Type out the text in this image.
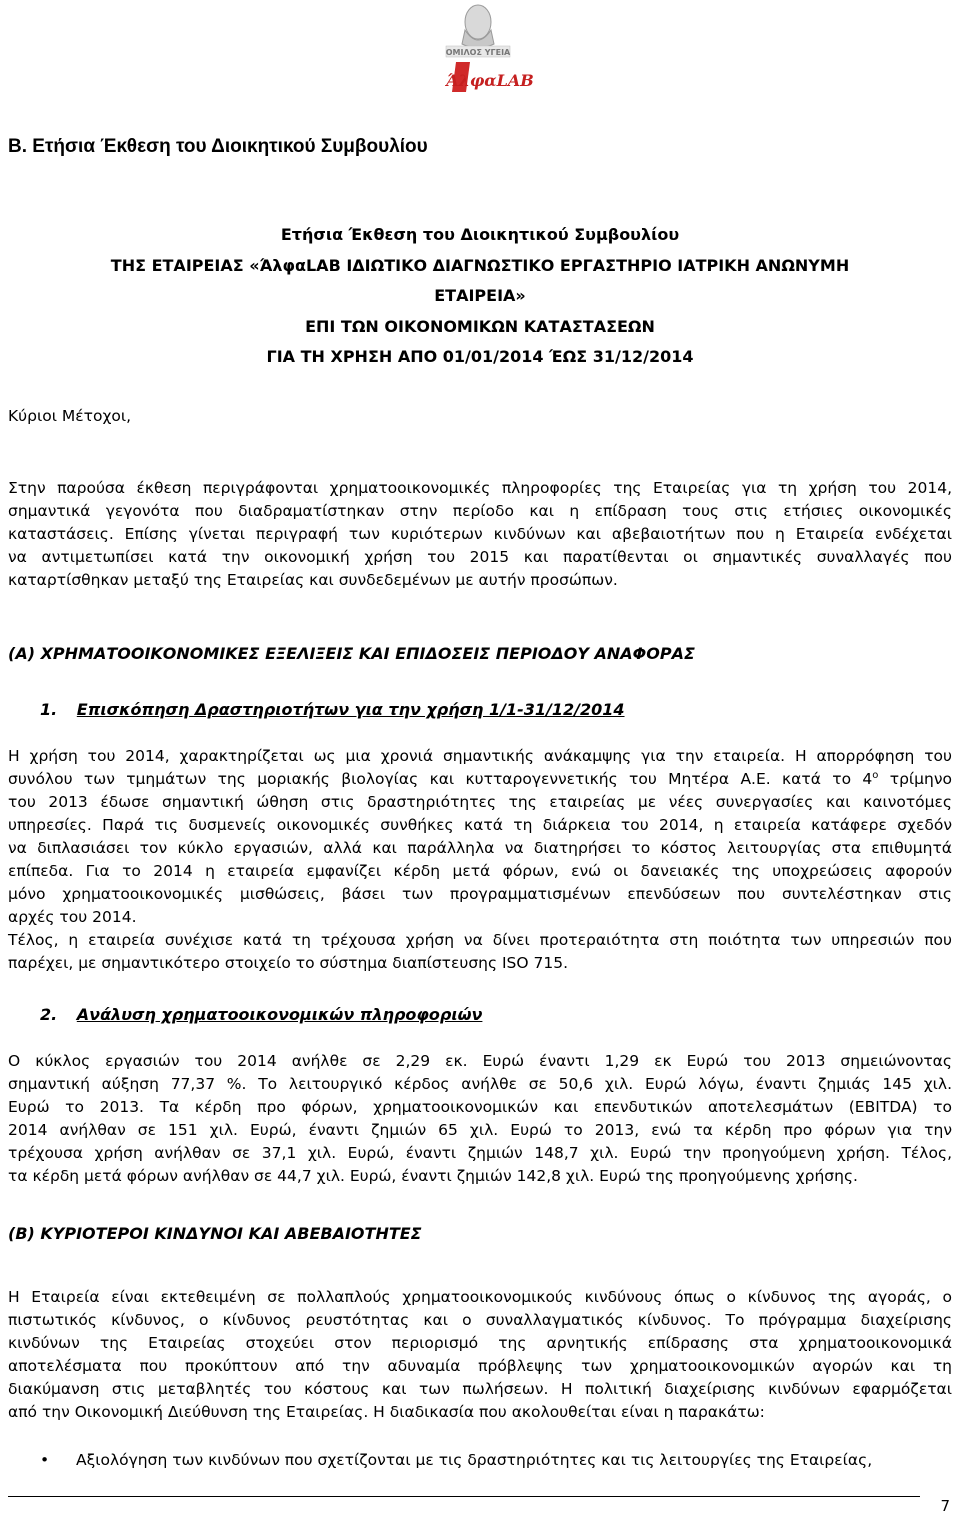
ΟΜΙΛΟΣ ΥΓΕΙΑ
ΆλφαLAB
Β. Ετήσια Έκθεση του Διοικητικού Συμβουλίου
Ετήσια Έκθεση του Διοικητικού Συμβουλίου
ΤΗΣ ΕΤΑΙΡΕΙΑΣ «ΆλφαLAB ΙΔΙΩΤΙΚΟ ΔΙΑΓΝΩΣΤΙΚΟ ΕΡΓΑΣΤΗΡΙΟ ΙΑΤΡΙΚΗ ΑΝΩΝΥΜΗ
ΕΤΑΙΡΕΙΑ»
ΕΠΙ ΤΩΝ ΟΙΚΟΝΟΜΙΚΩΝ ΚΑΤΑΣΤΑΣΕΩΝ
ΓΙΑ ΤΗ ΧΡΗΣΗ ΑΠΟ 01/01/2014 ΈΩΣ 31/12/2014
Κύριοι Μέτοχοι,
Στην παρούσα έκθεση περιγράφονται χρηματοοικονομικές πληροφορίες της Εταιρείας για τη χρήση του 2014,
σημαντικά γεγονότα που διαδραματίστηκαν στην περίοδο και η επίδραση τους στις ετήσιες οικονομικές
καταστάσεις. Επίσης γίνεται περιγραφή των κυριότερων κινδύνων και αβεβαιοτήτων που η Εταιρεία ενδέχεται
να αντιμετωπίσει κατά την οικονομική χρήση του 2015 και παρατίθενται οι σημαντικές συναλλαγές που
καταρτίσθηκαν μεταξύ της Εταιρείας και συνδεδεμένων με αυτήν προσώπων.
(Α) ΧΡΗΜΑΤΟΟΙΚΟΝΟΜΙΚΕΣ ΕΞΕΛΙΞΕΙΣ ΚΑΙ ΕΠΙΔΟΣΕΙΣ ΠΕΡΙΟΔΟΥ ΑΝΑΦΟΡΑΣ
1. Επισκόπηση Δραστηριοτήτων για την χρήση 1/1-31/12/2014
Η χρήση του 2014, χαρακτηρίζεται ως μια χρονιά σημαντικής ανάκαμψης για την εταιρεία. Η απορρόφηση του
συνόλου των τμημάτων της μοριακής βιολογίας και κυτταρογεννετικής του Μητέρα Α.Ε. κατά το $4^o$ τρίμηνο
του 2013 έδωσε σημαντική ώθηση στις δραστηριότητες της εταιρείας με νέες συνεργασίες και καινοτόμες
υπηρεσίες. Παρά τις δυσμενείς οικονομικές συνθήκες κατά τη διάρκεια του 2014, η εταιρεία κατάφερε σχεδόν
να διπλασιάσει τον κύκλο εργασιών, αλλά και παράλληλα να διατηρήσει το κόστος λειτουργίας στα επιθυμητά
επίπεδα. Για το 2014 η εταιρεία εμφανίζει κέρδη μετά φόρων, ενώ οι δανειακές της υποχρεώσεις αφορούν
μόνο χρηματοοικονομικές μισθώσεις, βάσει των προγραμματισμένων επενδύσεων που συντελέστηκαν στις
αρχές του 2014.
Τέλος, η εταιρεία συνέχισε κατά τη τρέχουσα χρήση να δίνει προτεραιότητα στη ποιότητα των υπηρεσιών που
παρέχει, με σημαντικότερο στοιχείο το σύστημα διαπίστευσης ISO 715.
2. Ανάλυση χρηματοοικονομικών πληροφοριών
Ο κύκλος εργασιών του 2014 ανήλθε σε 2,29 εκ. Ευρώ έναντι 1,29 εκ Ευρώ του 2013 σημειώνοντας
σημαντική αύξηση 77,37 %. Το λειτουργικό κέρδος ανήλθε σε 50,6 χιλ. Ευρώ λόγω, έναντι ζημιάς 145 χιλ.
Ευρώ το 2013. Τα κέρδη προ φόρων, χρηματοοικονομικών και επενδυτικών αποτελεσμάτων (EBITDA) το
2014 ανήλθαν σε 151 χιλ. Ευρώ, έναντι ζημιών 65 χιλ. Ευρώ το 2013, ενώ τα κέρδη προ φόρων για την
τρέχουσα χρήση ανήλθαν σε 37,1 χιλ. Ευρώ, έναντι ζημιών 148,7 χιλ. Ευρώ την προηγούμενη χρήση. Τέλος,
τα κέρδη μετά φόρων ανήλθαν σε 44,7 χιλ. Ευρώ, έναντι ζημιών 142,8 χιλ. Ευρώ της προηγούμενης χρήσης.
(Β) ΚΥΡΙΟΤΕΡΟΙ ΚΙΝΔΥΝΟΙ ΚΑΙ ΑΒΕΒΑΙΟΤΗΤΕΣ
Η Εταιρεία είναι εκτεθειμένη σε πολλαπλούς χρηματοοικονομικούς κινδύνους όπως ο κίνδυνος της αγοράς, ο
πιστωτικός κίνδυνος, ο κίνδυνος ρευστότητας και ο συναλλαγματικός κίνδυνος. Το πρόγραμμα διαχείρισης
κινδύνων της Εταιρείας στοχεύει στον περιορισμό της αρνητικής επίδρασης στα χρηματοοικονομικά
αποτελέσματα που προκύπτουν από την αδυναμία πρόβλεψης των χρηματοοικονομικών αγορών και τη
διακύμανση στις μεταβλητές του κόστους και των πωλήσεων. Η πολιτική διαχείρισης κινδύνων εφαρμόζεται
από την Οικονομική Διεύθυνση της Εταιρείας. Η διαδικασία που ακολουθείται είναι η παρακάτω:
• Αξιολόγηση των κινδύνων που σχετίζονται με τις δραστηριότητες και τις λειτουργίες της Εταιρείας,
7
